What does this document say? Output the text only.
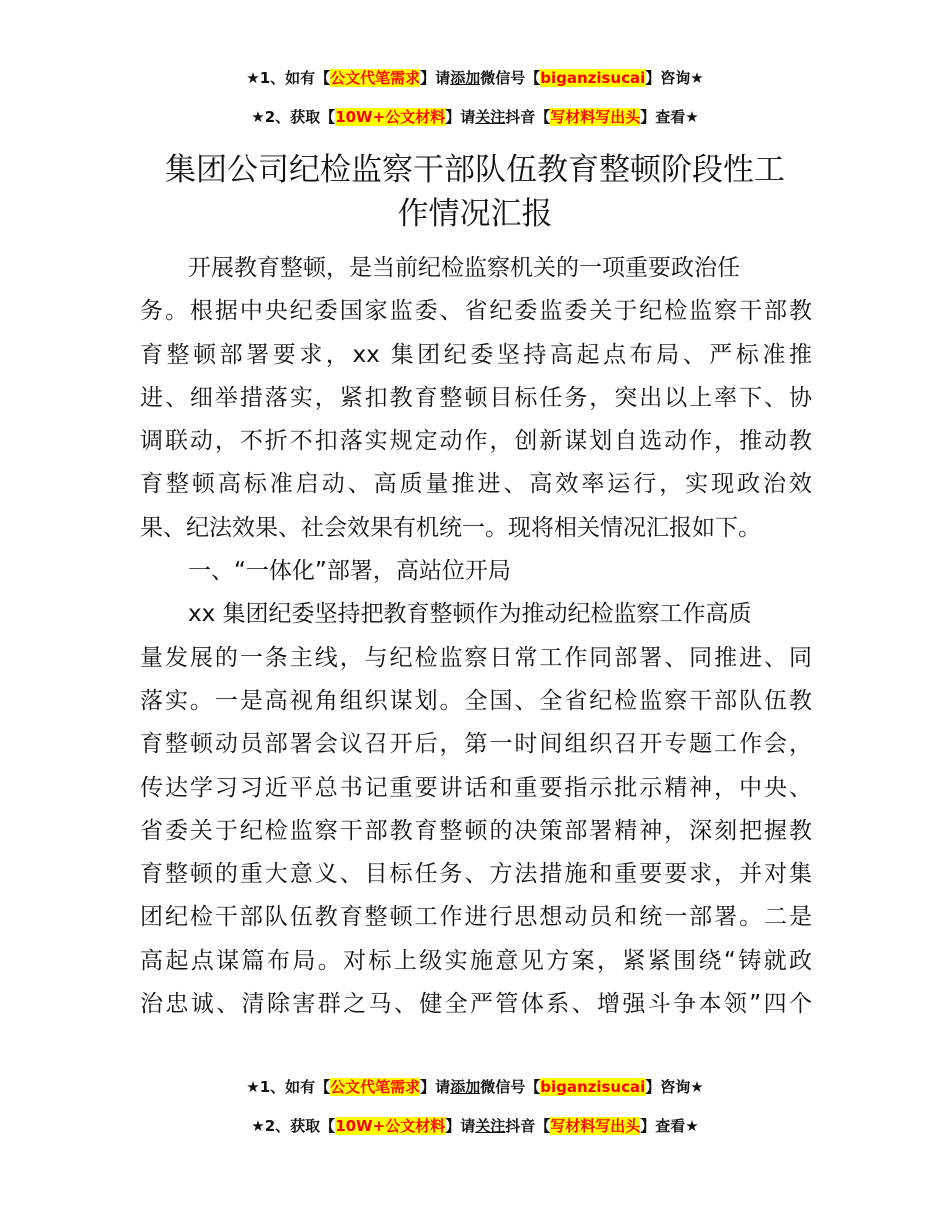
★1、如有【公文代笔需求】请添加微信号【biganzisucai】咨询★
★2、获取【10W+公文材料】请关注抖音【写材料写出头】查看★
集团公司纪检监察干部队伍教育整顿阶段性工
作情况汇报
开展教育整顿，是当前纪检监察机关的一项重要政治任
务。根据中央纪委国家监委、省纪委监委关于纪检监察干部教
育整顿部署要求，xx 集团纪委坚持高起点布局、严标准推
进、细举措落实，紧扣教育整顿目标任务，突出以上率下、协
调联动，不折不扣落实规定动作，创新谋划自选动作，推动教
育整顿高标准启动、高质量推进、高效率运行，实现政治效
果、纪法效果、社会效果有机统一。现将相关情况汇报如下。
一、“一体化”部署，高站位开局
xx 集团纪委坚持把教育整顿作为推动纪检监察工作高质
量发展的一条主线，与纪检监察日常工作同部署、同推进、同
落实。一是高视角组织谋划。全国、全省纪检监察干部队伍教
育整顿动员部署会议召开后，第一时间组织召开专题工作会，
传达学习习近平总书记重要讲话和重要指示批示精神，中央、
省委关于纪检监察干部教育整顿的决策部署精神，深刻把握教
育整顿的重大意义、目标任务、方法措施和重要要求，并对集
团纪检干部队伍教育整顿工作进行思想动员和统一部署。二是
高起点谋篇布局。对标上级实施意见方案，紧紧围绕“铸就政
治忠诚、清除害群之马、健全严管体系、增强斗争本领”四个
★1、如有【公文代笔需求】请添加微信号【biganzisucai】咨询★
★2、获取【10W+公文材料】请关注抖音【写材料写出头】查看★
